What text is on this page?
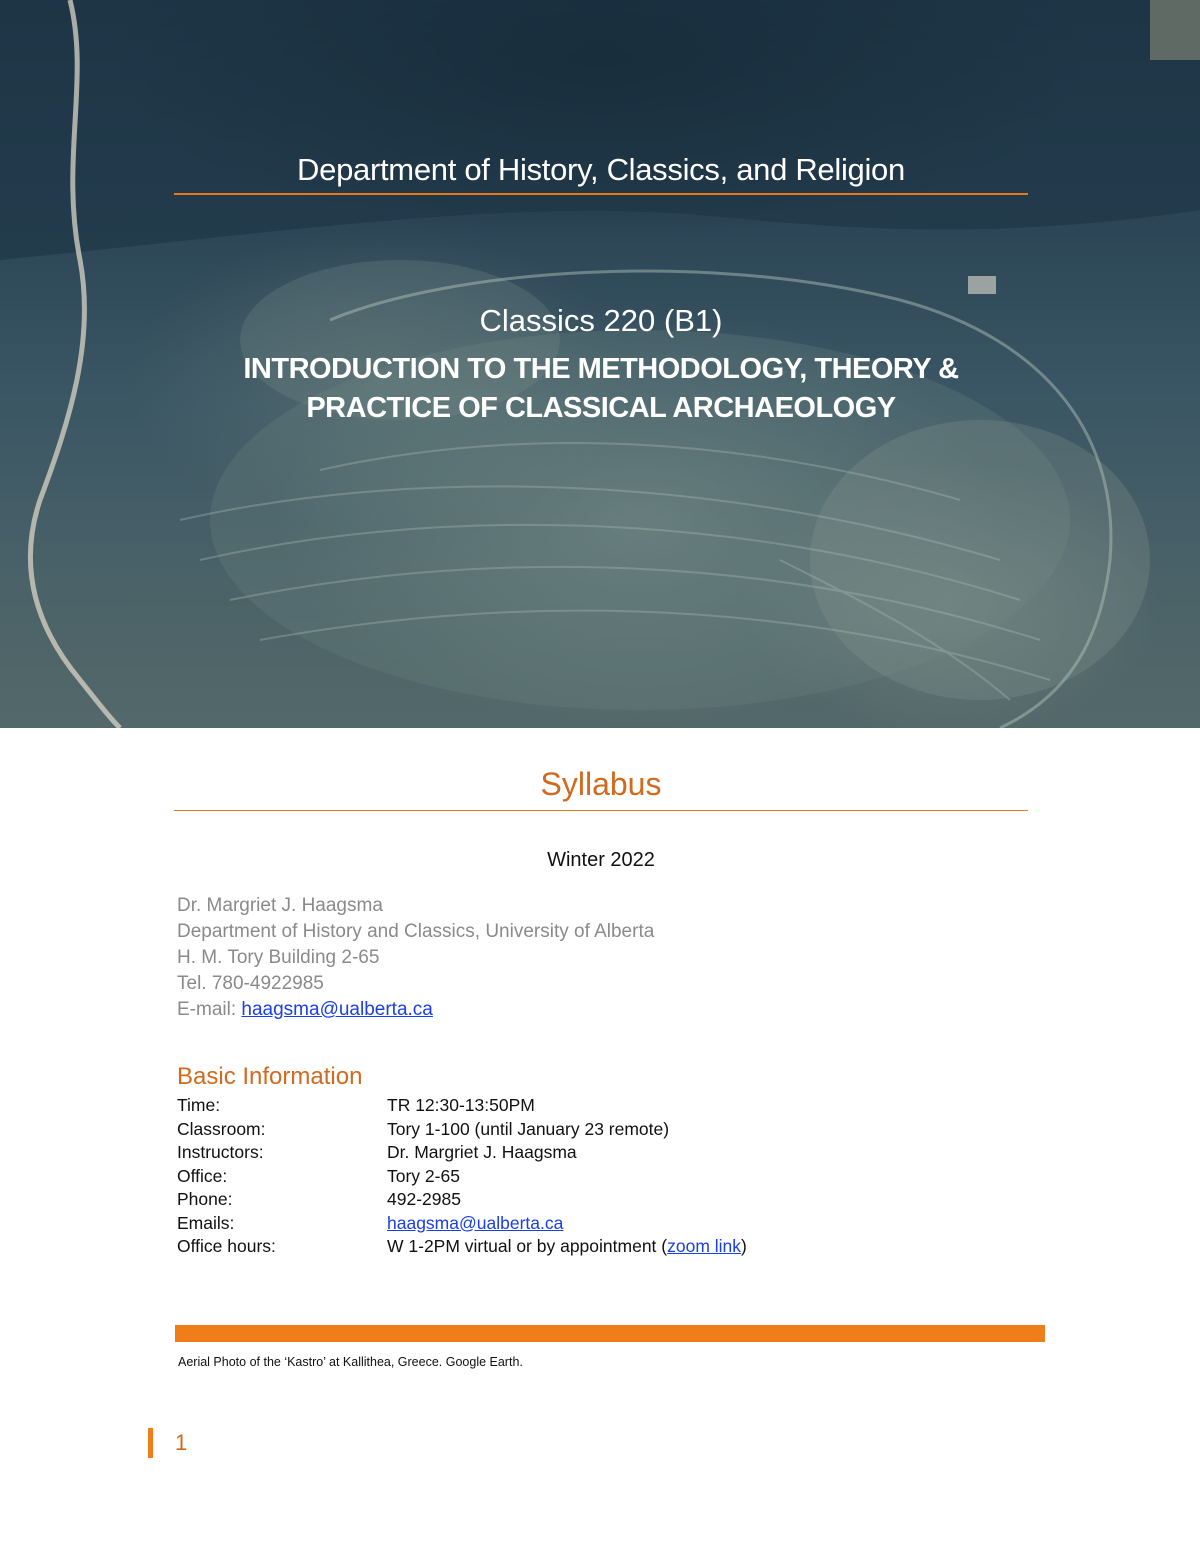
Department of History, Classics, and Religion
Classics 220 (B1)
INTRODUCTION TO THE METHODOLOGY, THEORY &
PRACTICE OF CLASSICAL ARCHAEOLOGY
Syllabus
Winter 2022
Dr. Margriet J. Haagsma
Department of History and Classics, University of Alberta
H. M. Tory Building 2-65
Tel. 780-4922985
E-mail: haagsma@ualberta.ca
Basic Information
Time:	TR 12:30-13:50PM
Classroom:	Tory 1-100 (until January 23 remote)
Instructors:	Dr. Margriet J. Haagsma
Office:	Tory 2-65
Phone:	492-2985
Emails:	haagsma@ualberta.ca
Office hours:	W 1-2PM virtual or by appointment (zoom link)
Aerial Photo of the ‘Kastro’ at Kallithea, Greece. Google Earth.
1
